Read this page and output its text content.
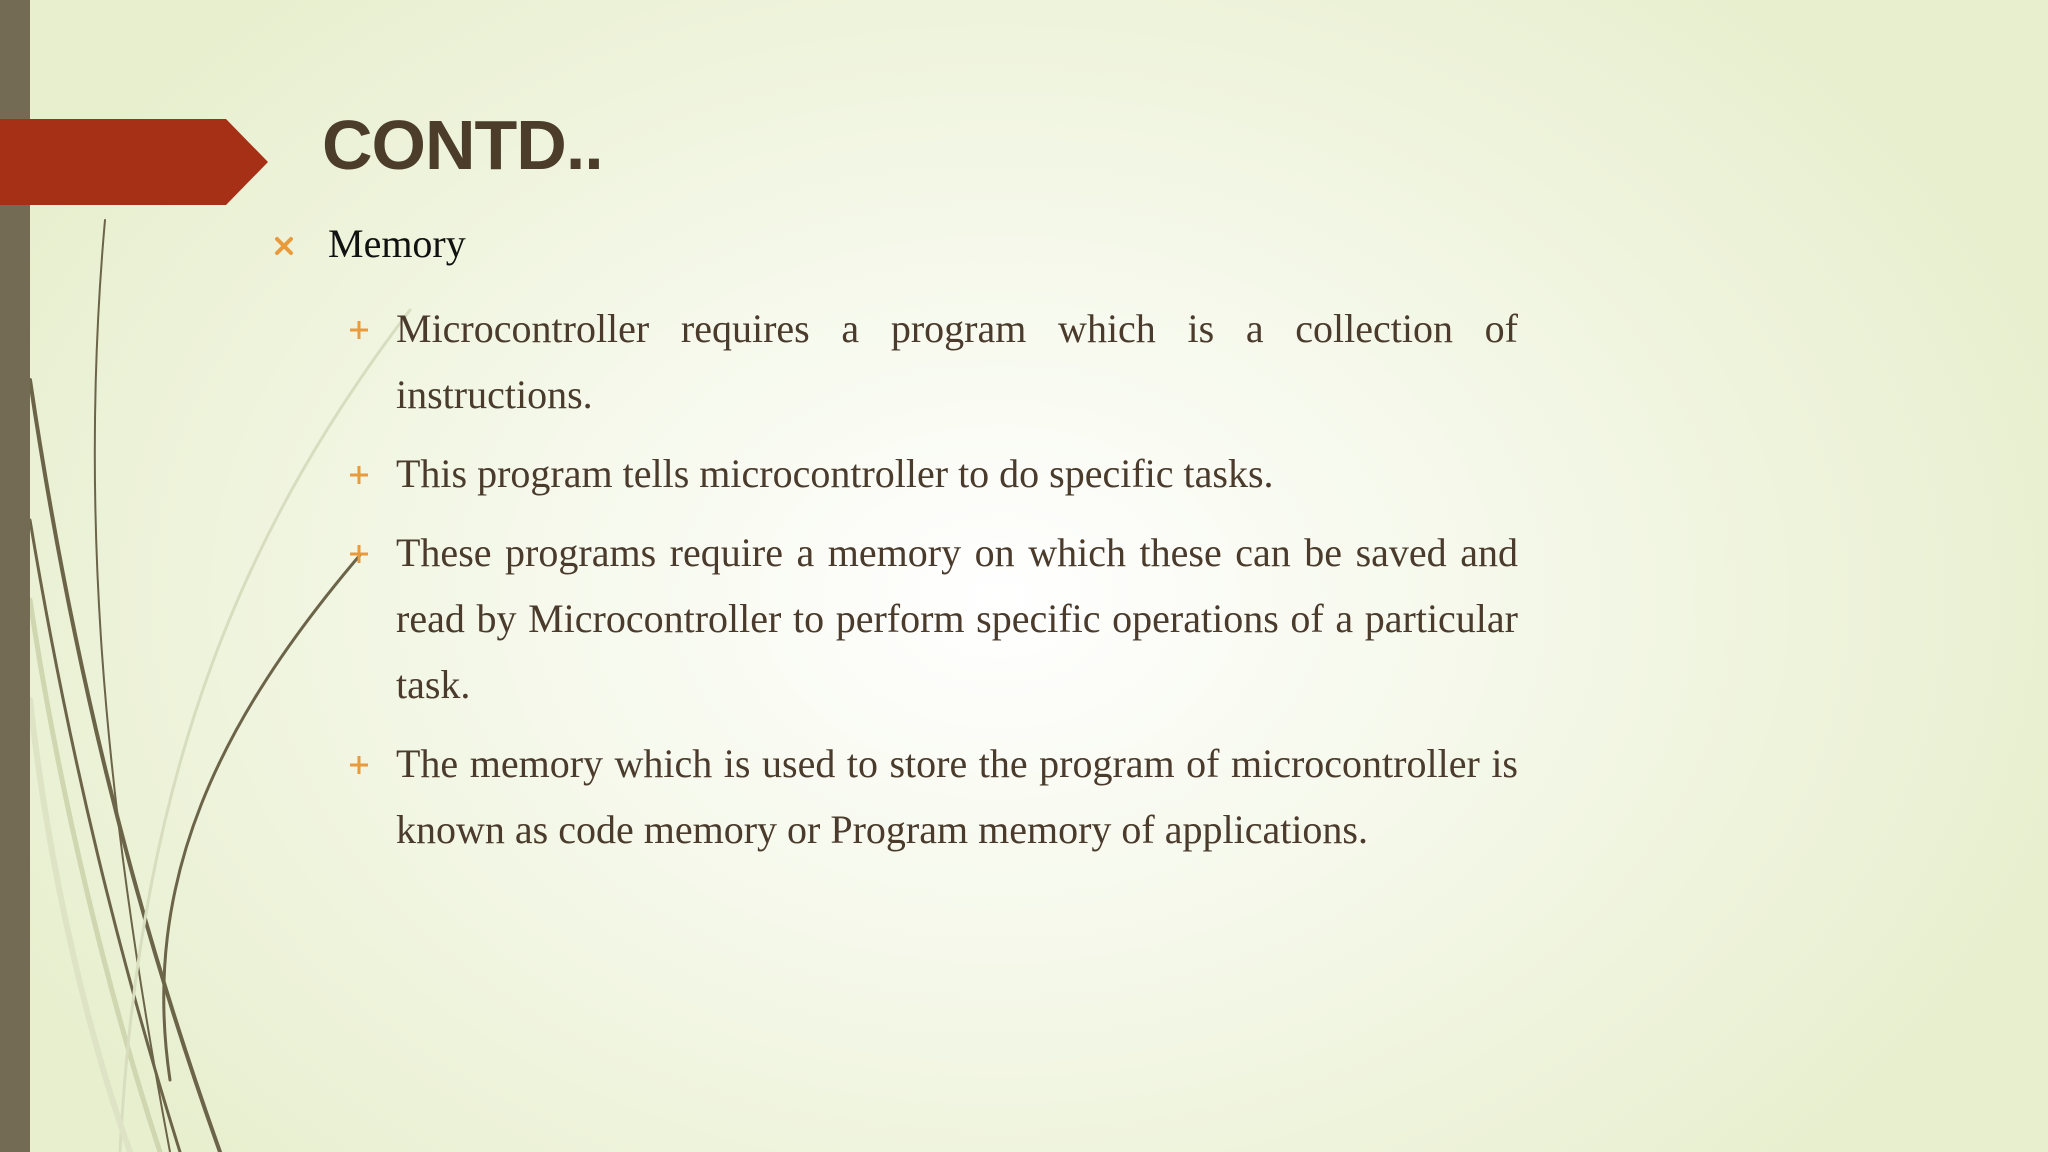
CONTD..
Memory
Microcontroller requires a program which is a collection of instructions.
This program tells microcontroller to do specific tasks.
These programs require a memory on which these can be saved and read by Microcontroller to perform specific operations of a particular task.
The memory which is used to store the program of microcontroller is known as code memory or Program memory of applications.
